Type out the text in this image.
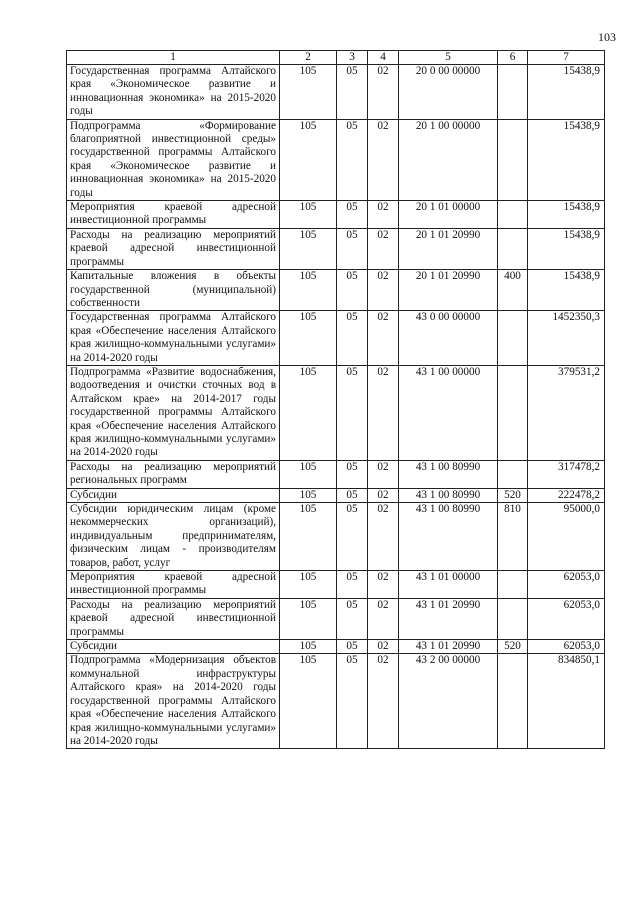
103
1	2	3	4	5	6	7
Государственная программа Алтайского края «Экономическое развитие и инновационная экономика» на 2015-2020 годы	105	05	02	20 0 00 00000		15438,9
Подпрограмма «Формирование благоприятной инвестиционной среды» государственной программы Алтайского края «Экономическое развитие и инновационная экономика» на 2015-2020 годы	105	05	02	20 1 00 00000		15438,9
Мероприятия краевой адресной инвестиционной программы	105	05	02	20 1 01 00000		15438,9
Расходы на реализацию мероприятий краевой адресной инвестиционной программы	105	05	02	20 1 01 20990		15438,9
Капитальные вложения в объекты государственной (муниципальной) собственности	105	05	02	20 1 01 20990	400	15438,9
Государственная программа Алтайского края «Обеспечение населения Алтайского края жилищно-коммунальными услугами» на 2014-2020 годы	105	05	02	43 0 00 00000		1452350,3
Подпрограмма «Развитие водоснабжения, водоотведения и очистки сточных вод в Алтайском крае» на 2014-2017 годы государственной программы Алтайского края «Обеспечение населения Алтайского края жилищно-коммунальными услугами» на 2014-2020 годы	105	05	02	43 1 00 00000		379531,2
Расходы на реализацию мероприятий региональных программ	105	05	02	43 1 00 80990		317478,2
Субсидии	105	05	02	43 1 00 80990	520	222478,2
Субсидии юридическим лицам (кроме некоммерческих организаций), индивидуальным предпринимателям, физическим лицам - производителям товаров, работ, услуг	105	05	02	43 1 00 80990	810	95000,0
Мероприятия краевой адресной инвестиционной программы	105	05	02	43 1 01 00000		62053,0
Расходы на реализацию мероприятий краевой адресной инвестиционной программы	105	05	02	43 1 01 20990		62053,0
Субсидии	105	05	02	43 1 01 20990	520	62053,0
Подпрограмма «Модернизация объектов коммунальной инфраструктуры Алтайского края» на 2014-2020 годы государственной программы Алтайского края «Обеспечение населения Алтайского края жилищно-коммунальными услугами» на 2014-2020 годы	105	05	02	43 2 00 00000		834850,1
